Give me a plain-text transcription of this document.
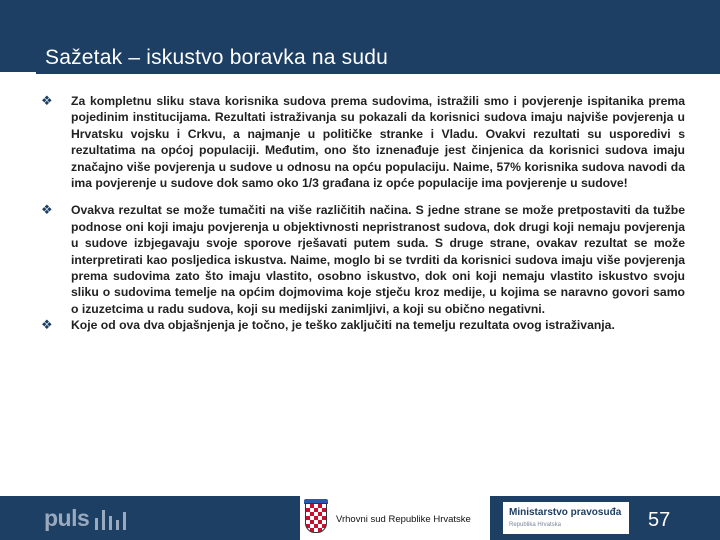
Sažetak – iskustvo boravka na sudu
❖ Za kompletnu sliku stava korisnika sudova prema sudovima, istražili smo i povjerenje ispitanika prema pojedinim institucijama. Rezultati istraživanja su pokazali da korisnici sudova imaju najviše povjerenja u Hrvatsku vojsku i Crkvu, a najmanje u političke stranke i Vladu. Ovakvi rezultati su usporedivi s rezultatima na općoj populaciji. Međutim, ono što iznenađuje jest činjenica da korisnici sudova imaju značajno više povjerenja u sudove u odnosu na opću populaciju. Naime, 57% korisnika sudova navodi da ima povjerenje u sudove dok samo oko 1/3 građana iz opće populacije ima povjerenje u sudove!
❖ Ovakva rezultat se može tumačiti na više različitih načina. S jedne strane se može pretpostaviti da tužbe podnose oni koji imaju povjerenja u objektivnosti nepristranost sudova, dok drugi koji nemaju povjerenja u sudove izbjegavaju svoje sporove rješavati putem suda. S druge strane, ovakav rezultat se može interpretirati kao posljedica iskustva. Naime, moglo bi se tvrditi da korisnici sudova imaju više povjerenja prema sudovima zato što imaju vlastito, osobno iskustvo, dok oni koji nemaju vlastito iskustvo svoju sliku o sudovima temelje na općim dojmovima koje stječu kroz medije, u kojima se naravno govori samo o izuzetcima u radu sudova, koji su medijski zanimljivi, a koji su obično negativni.
❖ Koje od ova dva objašnjenja je točno, je teško zaključiti na temelju rezultata ovog istraživanja.
puls	Vrhovni sud Republike Hrvatske
Ministarstvo pravosuđa
Republika Hrvatska	57
